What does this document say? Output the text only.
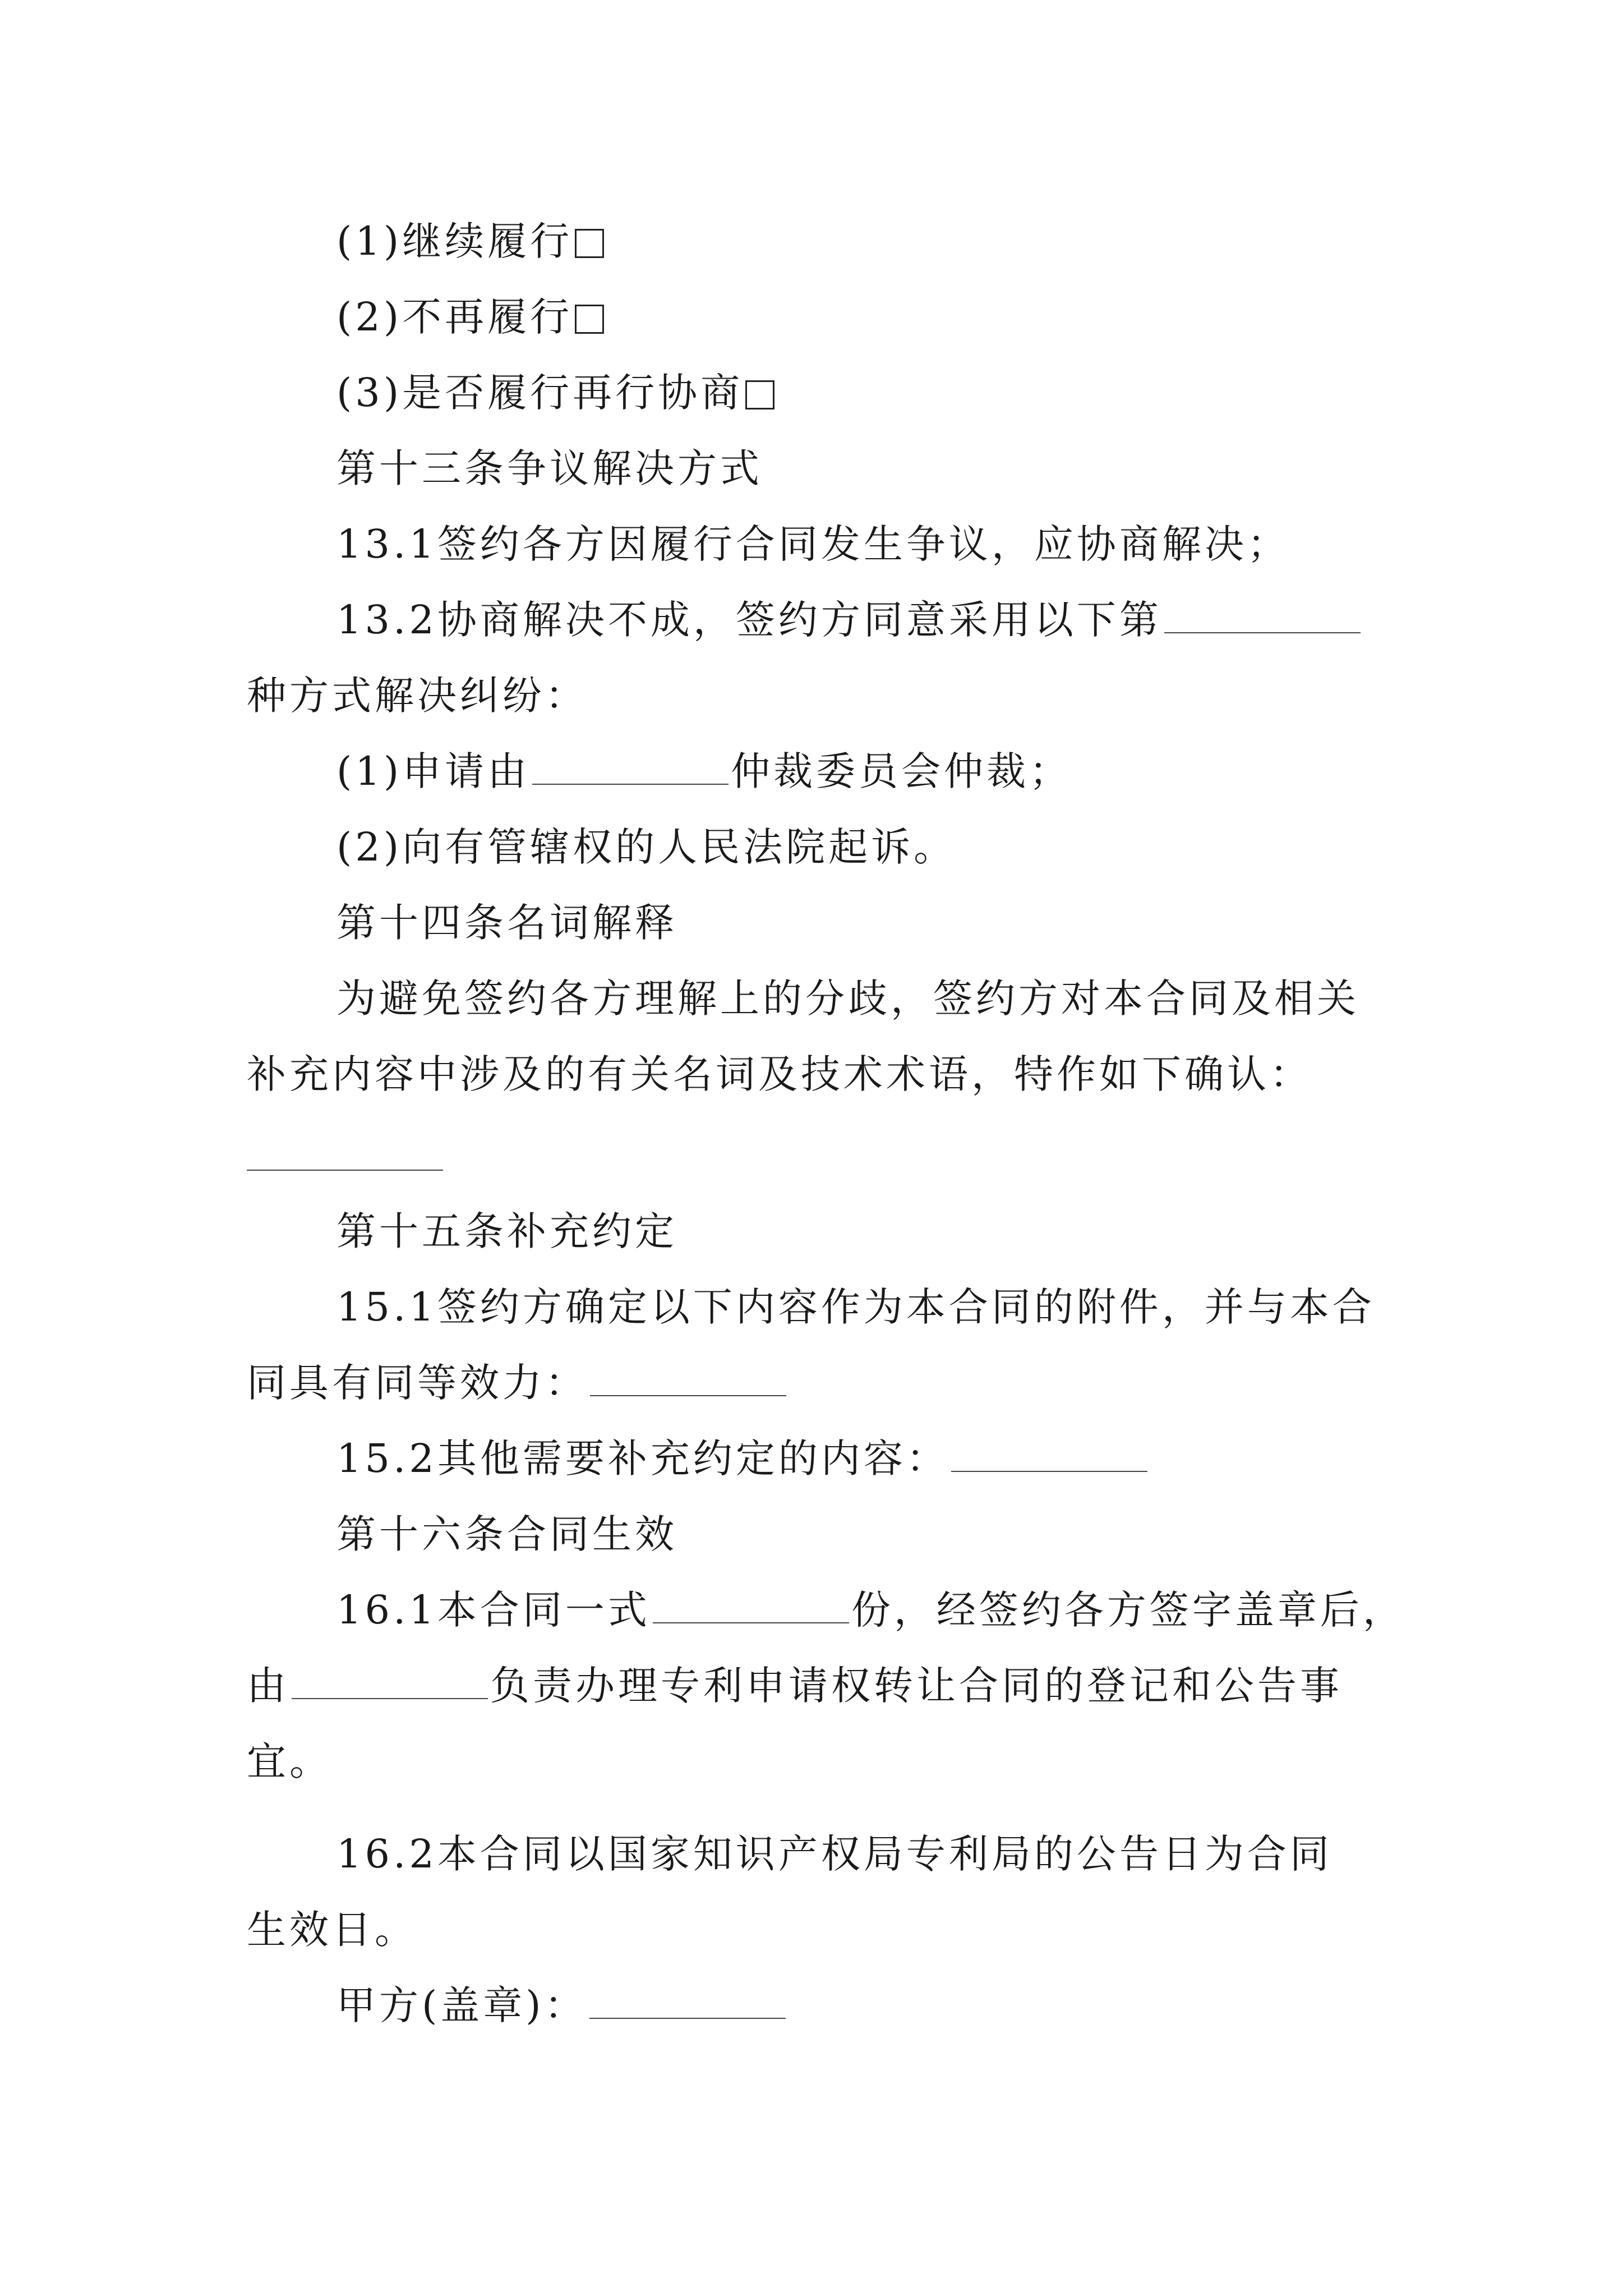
(1)继续履行
(2)不再履行
(3)是否履行再行协商
第十三条争议解决方式
13.1签约各方因履行合同发生争议，应协商解决；
13.2协商解决不成，签约方同意采用以下第
种方式解决纠纷：
(1)申请由	仲裁委员会仲裁；
(2)向有管辖权的人民法院起诉。
第十四条名词解释
为避免签约各方理解上的分歧，签约方对本合同及相关
补充内容中涉及的有关名词及技术术语，特作如下确认：
第十五条补充约定
15.1签约方确定以下内容作为本合同的附件，并与本合
同具有同等效力：
15.2其他需要补充约定的内容：
第十六条合同生效
16.1本合同一式	份，经签约各方签字盖章后，
由	负责办理专利申请权转让合同的登记和公告事
宜。
16.2本合同以国家知识产权局专利局的公告日为合同
生效日。
甲方(盖章)：
